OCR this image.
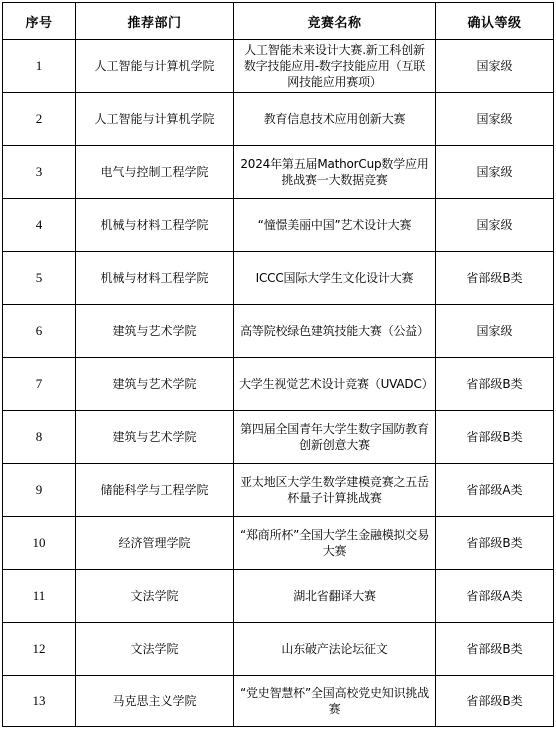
序号	推荐部门	竞赛名称	确认等级
1	人工智能与计算机学院	人工智能未来设计大赛.新工科创新数字技能应用-数字技能应用（互联网技能应用赛项）	国家级
2	人工智能与计算机学院	教育信息技术应用创新大赛	国家级
3	电气与控制工程学院	2024年第五届MathorCup数学应用挑战赛一大数据竞赛	国家级
4	机械与材料工程学院	“憧憬美丽中国”艺术设计大赛	国家级
5	机械与材料工程学院	ICCC国际大学生文化设计大赛	省部级B类
6	建筑与艺术学院	高等院校绿色建筑技能大赛（公益）	国家级
7	建筑与艺术学院	大学生视觉艺术设计竞赛（UVADC）	省部级B类
8	建筑与艺术学院	第四届全国青年大学生数字国防教育创新创意大赛	省部级B类
9	储能科学与工程学院	亚太地区大学生数学建模竞赛之五岳杯量子计算挑战赛	省部级A类
10	经济管理学院	“郑商所杯”全国大学生金融模拟交易 大赛	省部级B类
11	文法学院	湖北省翻译大赛	省部级A类
12	文法学院	山东破产法论坛征文	省部级B类
13	马克思主义学院	“党史智慧杯”全国高校党史知识挑战赛	省部级B类
